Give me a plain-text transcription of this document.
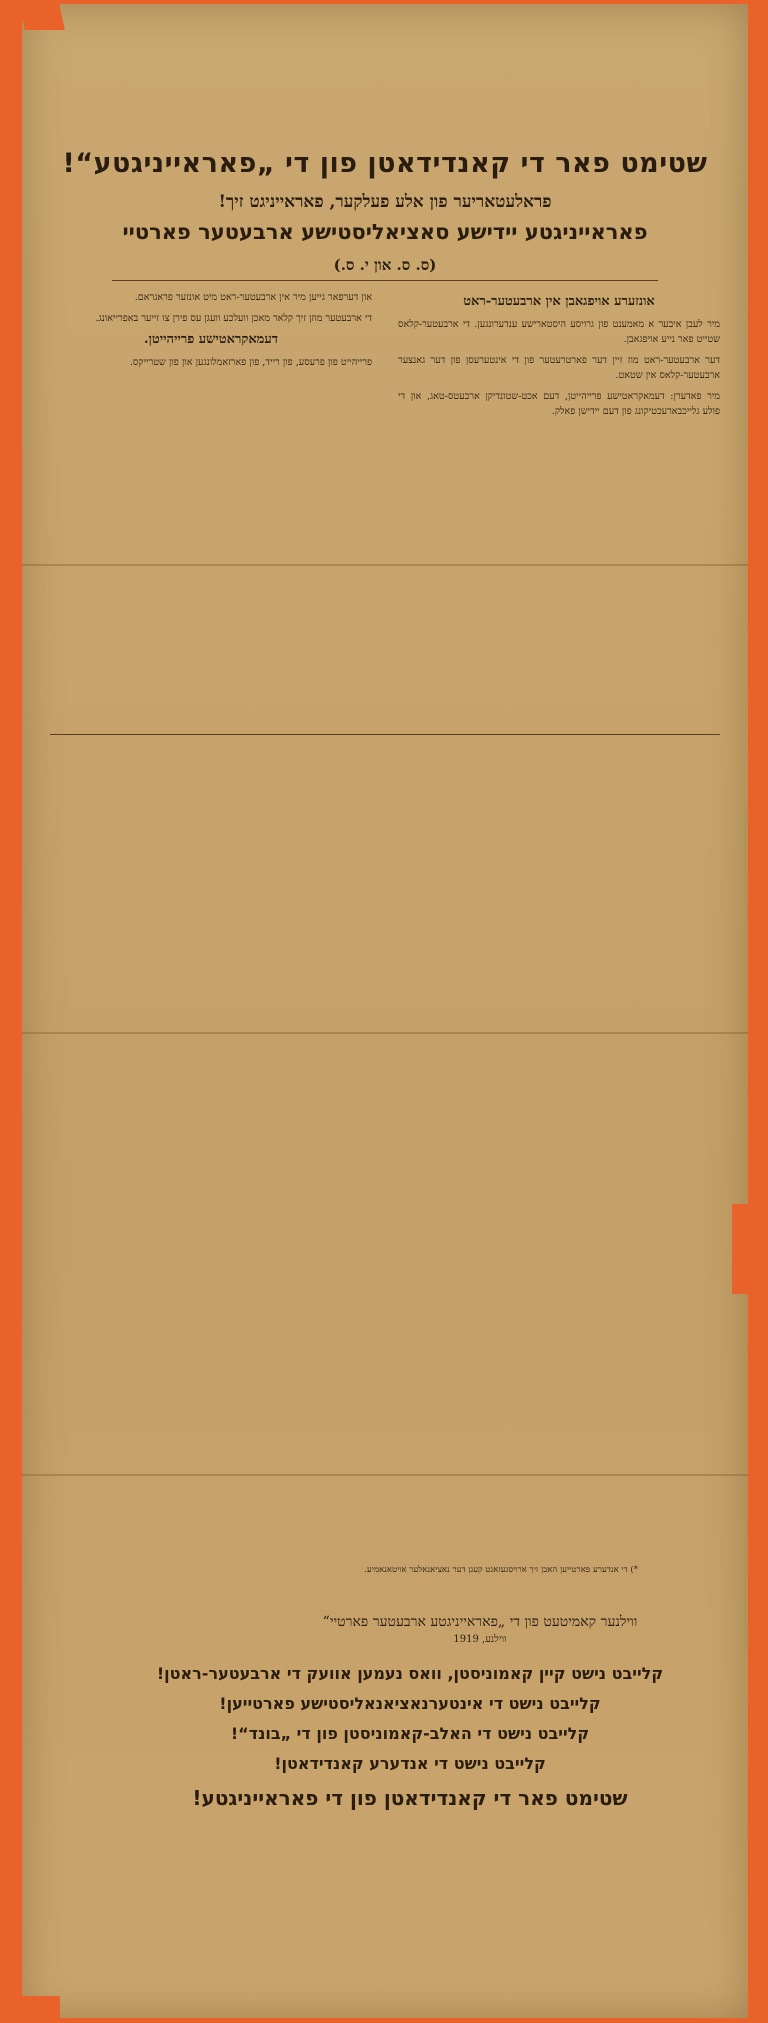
שטימט פאר די קאנדידאטן פון די „פאראייניגטע“!
פראלעטאריער פון אלע פעלקער, פאראייניגט זיך!
פאראייניגטע יידישע סאציאליסטישע ארבעטער פארטיי
(ס. ס. און י. ס.)
אונזערע אויפגאבן אין ארבעטער-ראט

מיר לעבן איבער א מאמענט פון גרויסע היסטארישע ענדערונגען. די ארבעטער-קלאס שטייט פאר נייע אויפגאבן.

דער ארבעטער-ראט מוז זיין דער פארטרעטער פון די אינטערעסן פון דער גאנצער ארבעטער-קלאס אין שטאט.

מיר פאדערן: דעמאקראטישע פרייהייטן, דעם אכט-שטונדיקן ארבעטס-טאג, און די פולע גלייכבארעכטיקונג פון דעם יידישן פאלק.

און דערפאר גייען מיר אין ארבעטער-ראט מיט אונזער פראגראם.

די ארבעטער מוזן זיך קלאר מאכן וועלכע וועגן עס פירן צו זייער באפרייאונג.

דעמאקראטישע פרייהייטן.

פרייהייט פון פרעסע, פון רייד, פון פארזאמלונגען און פון שטרייקס.

*) די אנדערע פארטייען האבן זיך ארויסגעזאגט קעגן דער נאציאנאלער אויטאנאמיע.
ווילנער קאמיטעט פון די „פאראייניגטע ארבעטער פארטיי“
ווילנע, 1919
קלייבט נישט קיין קאמוניסטן, וואס נעמען אוועק די ארבעטער-ראטן!
קלייבט נישט די אינטערנאציאנאליסטישע פארטייען!
קלייבט נישט די האלב-קאמוניסטן פון די „בונד“!
קלייבט נישט די אנדערע קאנדידאטן!
שטימט פאר די קאנדידאטן פון די פאראייניגטע!
